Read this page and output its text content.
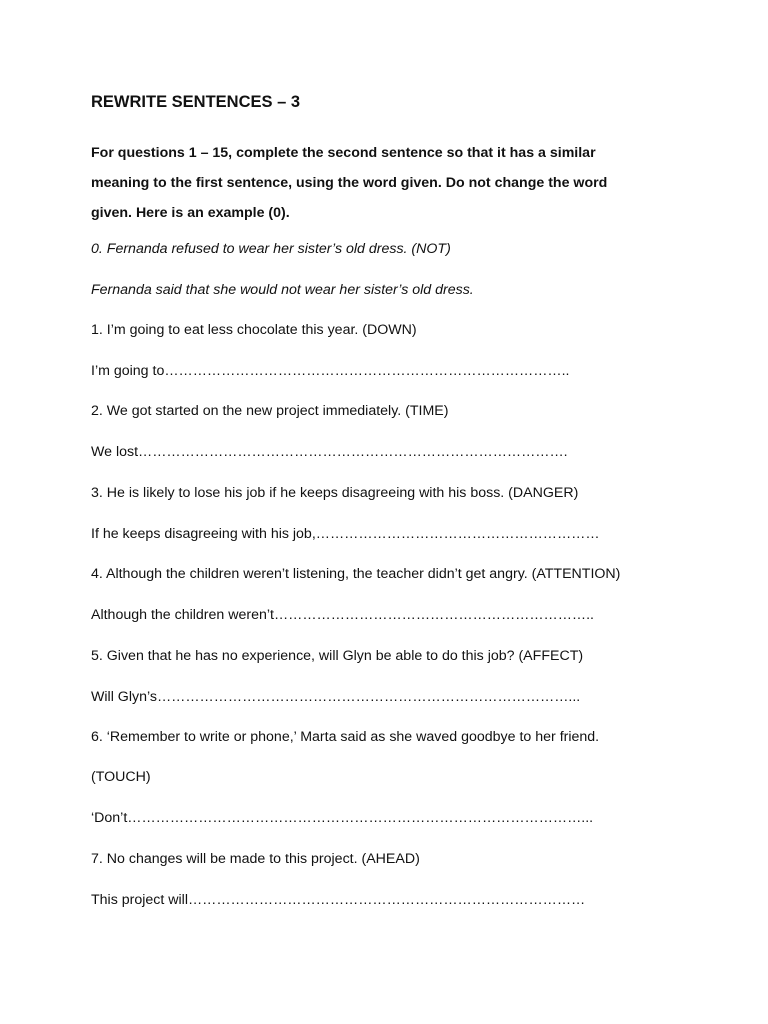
REWRITE SENTENCES – 3
For questions 1 – 15, complete the second sentence so that it has a similar meaning to the first sentence, using the word given. Do not change the word given. Here is an example (0).
0. Fernanda refused to wear her sister’s old dress. (NOT)
Fernanda said that she would not wear her sister’s old dress.
1. I’m going to eat less chocolate this year. (DOWN)
I’m going to…………………………………………………………………………..
2. We got started on the new project immediately. (TIME)
We lost……………………………………………………………………………….
3. He is likely to lose his job if he keeps disagreeing with his boss. (DANGER)
If he keeps disagreeing with his job,……………………………………………………
4. Although the children weren’t listening, the teacher didn’t get angry. (ATTENTION)
Although the children weren’t…………………………………………………………..
5. Given that he has no experience, will Glyn be able to do this job? (AFFECT)
Will Glyn’s……………………………………………………………………………...
6. ‘Remember to write or phone,’ Marta said as she waved goodbye to her friend.
(TOUCH)
‘Don’t……………………………………………………………………………………...
7. No changes will be made to this project. (AHEAD)
This project will…………………………………………………………………………
